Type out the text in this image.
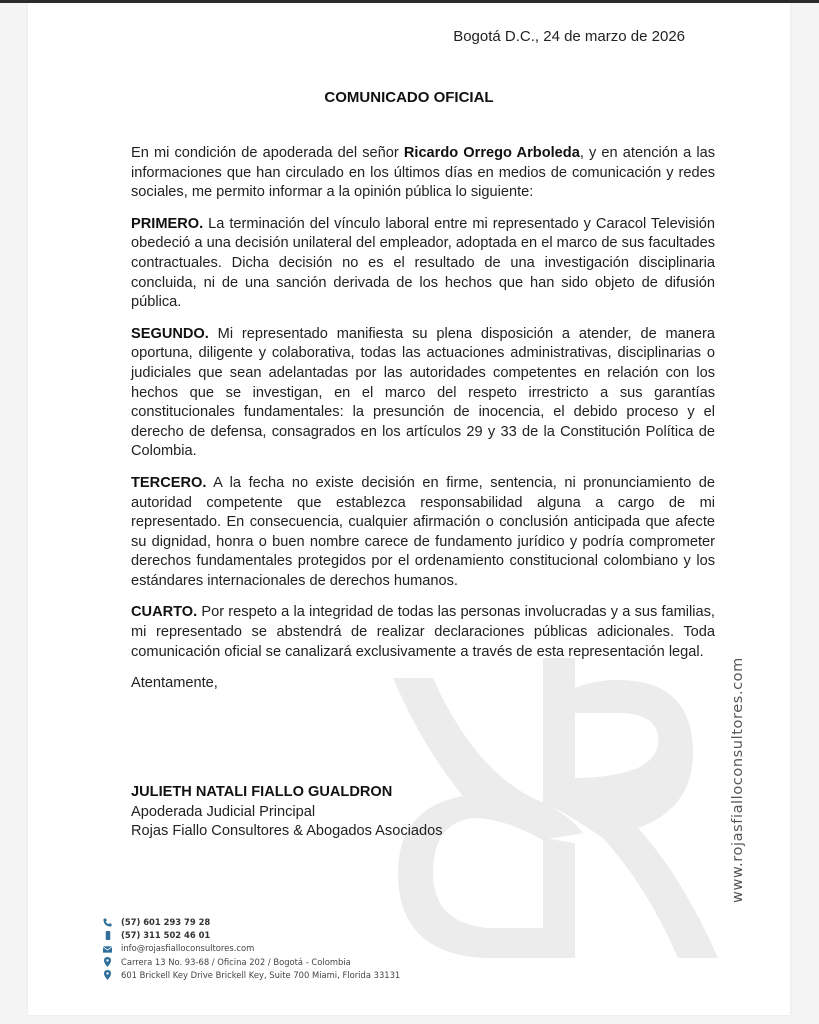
Bogotá D.C., 24 de marzo de 2026
COMUNICADO OFICIAL

En mi condición de apoderada del señor Ricardo Orrego Arboleda, y en atención a las informaciones que han circulado en los últimos días en medios de comunicación y redes sociales, me permito informar a la opinión pública lo siguiente:

PRIMERO. La terminación del vínculo laboral entre mi representado y Caracol Televisión obedeció a una decisión unilateral del empleador, adoptada en el marco de sus facultades contractuales. Dicha decisión no es el resultado de una investigación disciplinaria concluida, ni de una sanción derivada de los hechos que han sido objeto de difusión pública.

SEGUNDO. Mi representado manifiesta su plena disposición a atender, de manera oportuna, diligente y colaborativa, todas las actuaciones administrativas, disciplinarias o judiciales que sean adelantadas por las autoridades competentes en relación con los hechos que se investigan, en el marco del respeto irrestricto a sus garantías constitucionales fundamentales: la presunción de inocencia, el debido proceso y el derecho de defensa, consagrados en los artículos 29 y 33 de la Constitución Política de Colombia.

TERCERO. A la fecha no existe decisión en firme, sentencia, ni pronunciamiento de autoridad competente que establezca responsabilidad alguna a cargo de mi representado. En consecuencia, cualquier afirmación o conclusión anticipada que afecte su dignidad, honra o buen nombre carece de fundamento jurídico y podría comprometer derechos fundamentales protegidos por el ordenamiento constitucional colombiano y los estándares internacionales de derechos humanos.

CUARTO. Por respeto a la integridad de todas las personas involucradas y a sus familias, mi representado se abstendrá de realizar declaraciones públicas adicionales. Toda comunicación oficial se canalizará exclusivamente a través de esta representación legal.

Atentamente,

JULIETH NATALI FIALLO GUALDRON
Apoderada Judicial Principal
Rojas Fiallo Consultores & Abogados Asociados
(57) 601 293 79 28
(57) 311 502 46 01
info@rojasfialloconsultores.com
Carrera 13 No. 93-68 / Oficina 202 / Bogotá - Colombia
601 Brickell Key Drive Brickell Key, Suite 700 Miami, Florida 33131
www.rojasfialloconsultores.com
